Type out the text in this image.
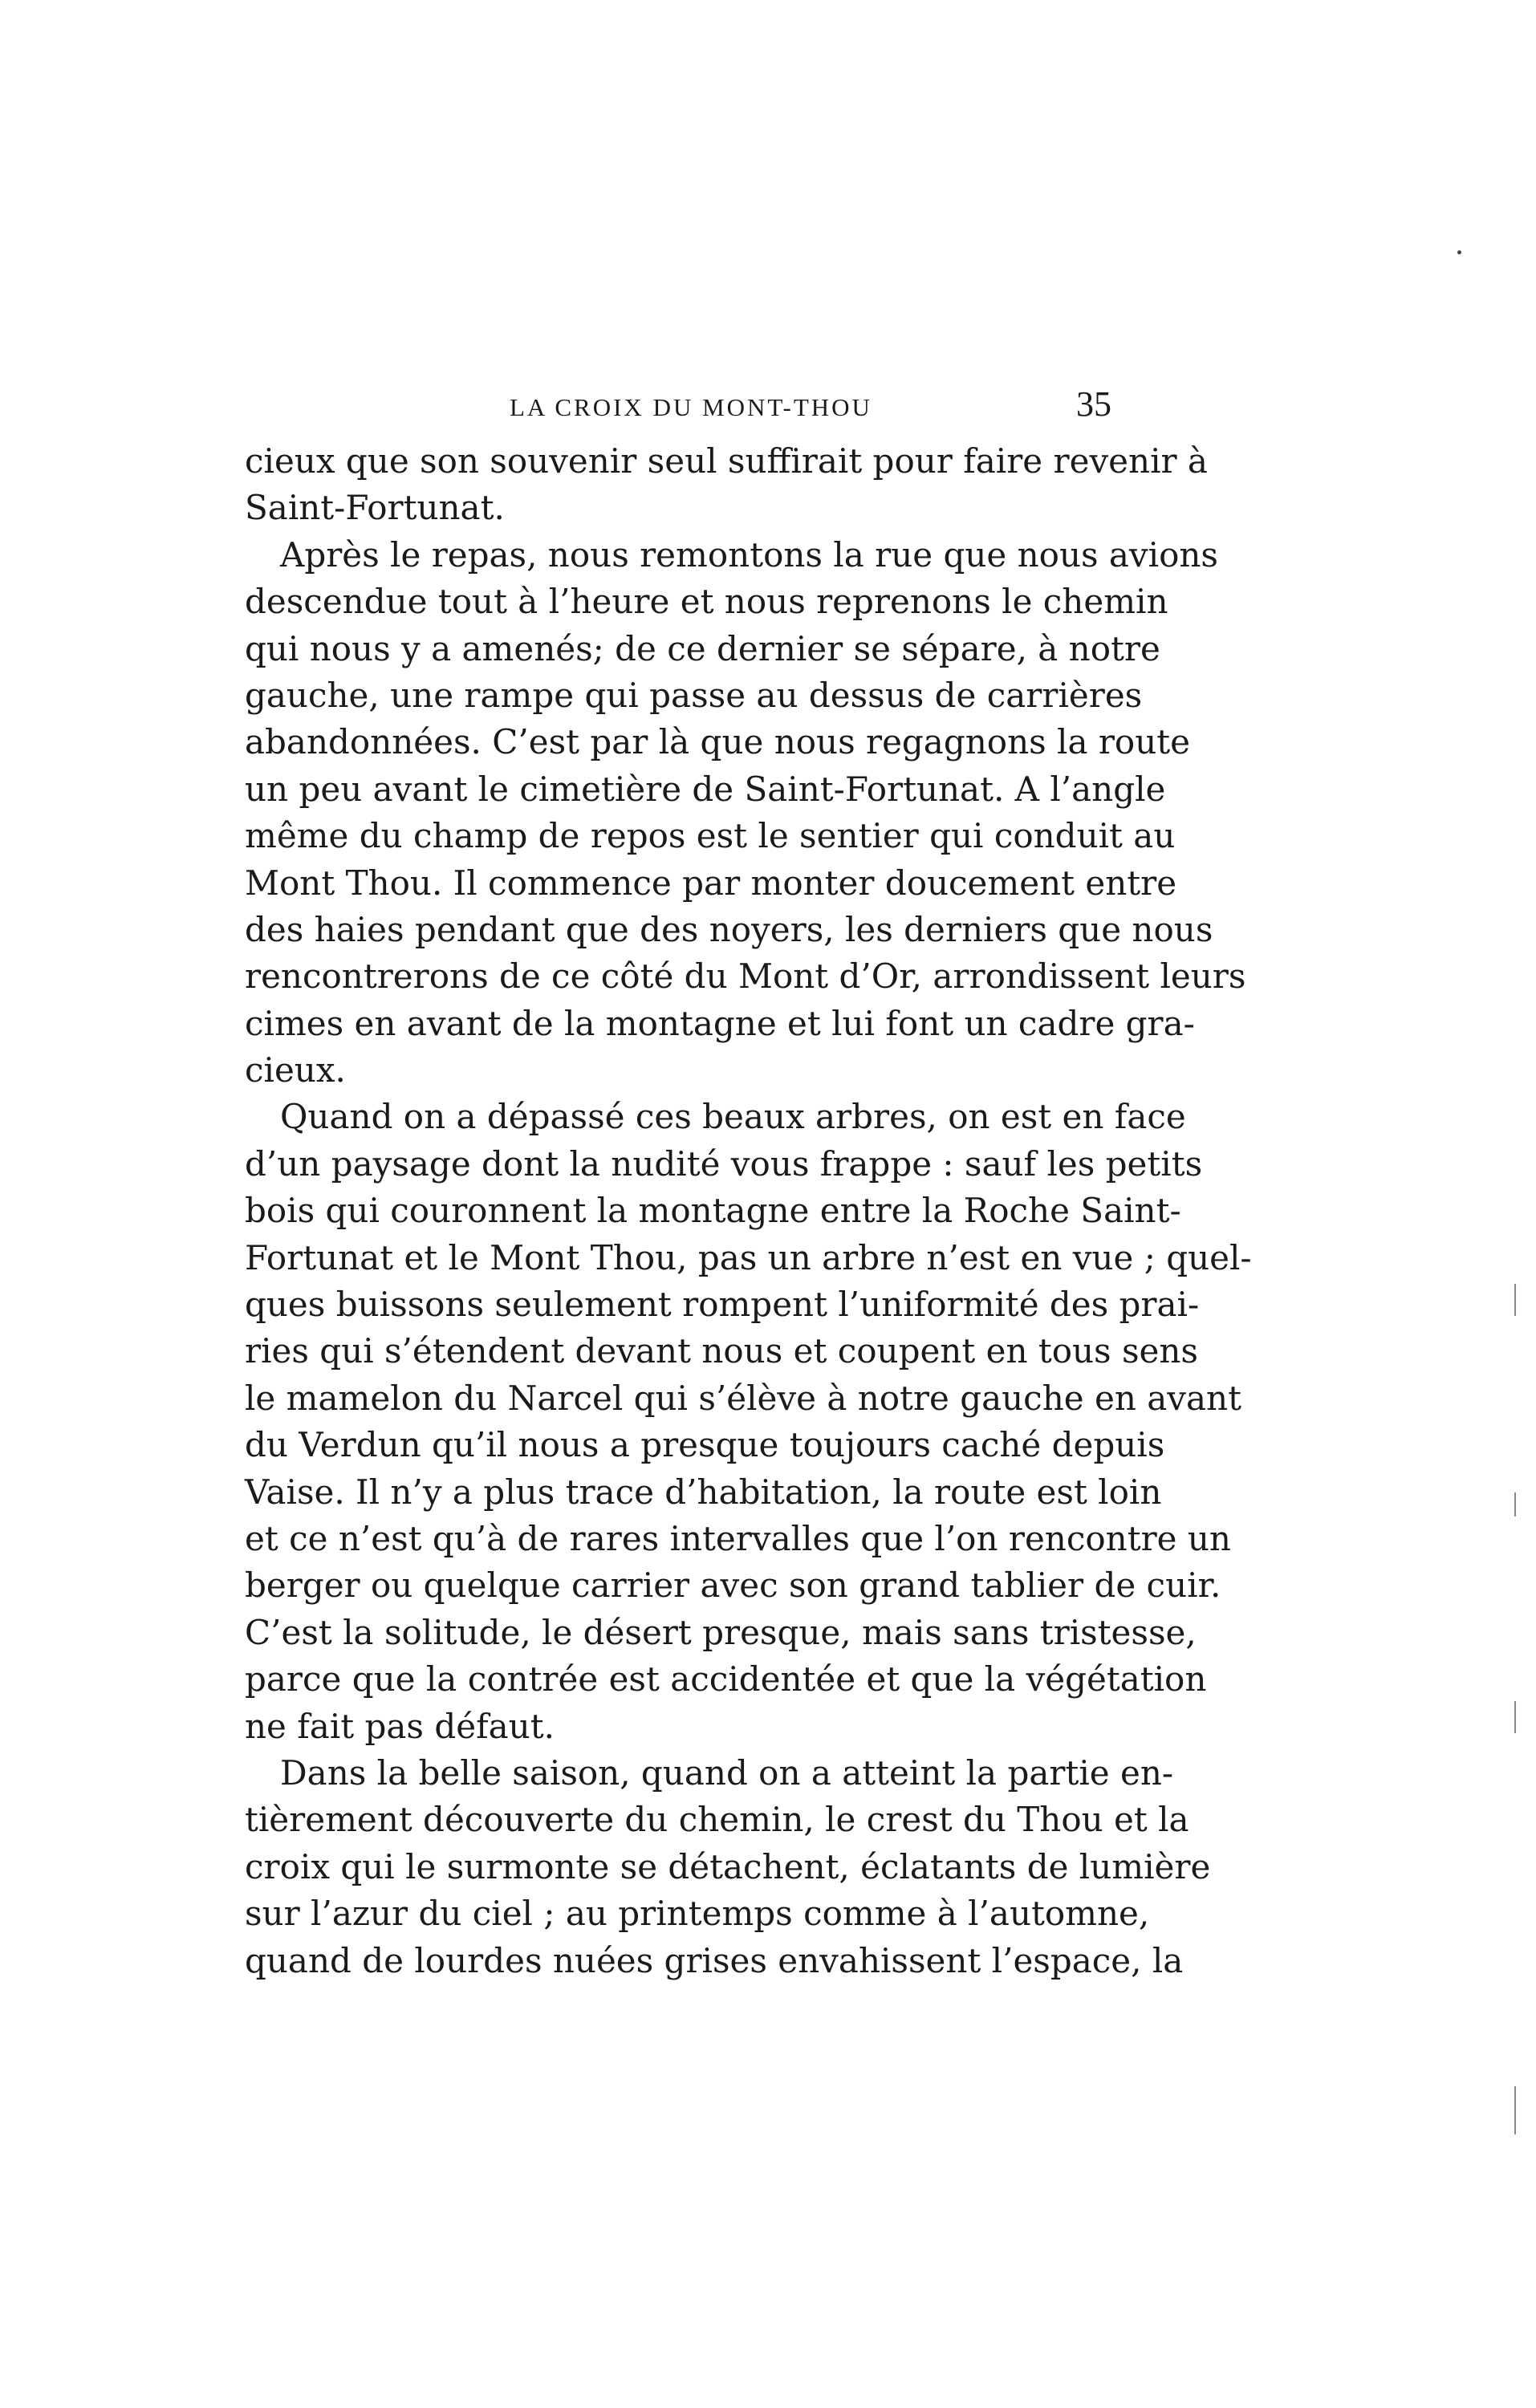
LA CROIX DU MONT-THOU	35
cieux que son souvenir seul suffirait pour faire revenir à
Saint-Fortunat.
Après le repas, nous remontons la rue que nous avions
descendue tout à l’heure et nous reprenons le chemin
qui nous y a amenés; de ce dernier se sépare, à notre
gauche, une rampe qui passe au dessus de carrières
abandonnées. C’est par là que nous regagnons la route
un peu avant le cimetière de Saint-Fortunat. A l’angle
même du champ de repos est le sentier qui conduit au
Mont Thou. Il commence par monter doucement entre
des haies pendant que des noyers, les derniers que nous
rencontrerons de ce côté du Mont d’Or, arrondissent leurs
cimes en avant de la montagne et lui font un cadre gra-
cieux.
Quand on a dépassé ces beaux arbres, on est en face
d’un paysage dont la nudité vous frappe : sauf les petits
bois qui couronnent la montagne entre la Roche Saint-
Fortunat et le Mont Thou, pas un arbre n’est en vue ; quel-
ques buissons seulement rompent l’uniformité des prai-
ries qui s’étendent devant nous et coupent en tous sens
le mamelon du Narcel qui s’élève à notre gauche en avant
du Verdun qu’il nous a presque toujours caché depuis
Vaise. Il n’y a plus trace d’habitation, la route est loin
et ce n’est qu’à de rares intervalles que l’on rencontre un
berger ou quelque carrier avec son grand tablier de cuir.
C’est la solitude, le désert presque, mais sans tristesse,
parce que la contrée est accidentée et que la végétation
ne fait pas défaut.
Dans la belle saison, quand on a atteint la partie en-
tièrement découverte du chemin, le crest du Thou et la
croix qui le surmonte se détachent, éclatants de lumière
sur l’azur du ciel ; au printemps comme à l’automne,
quand de lourdes nuées grises envahissent l’espace, la
